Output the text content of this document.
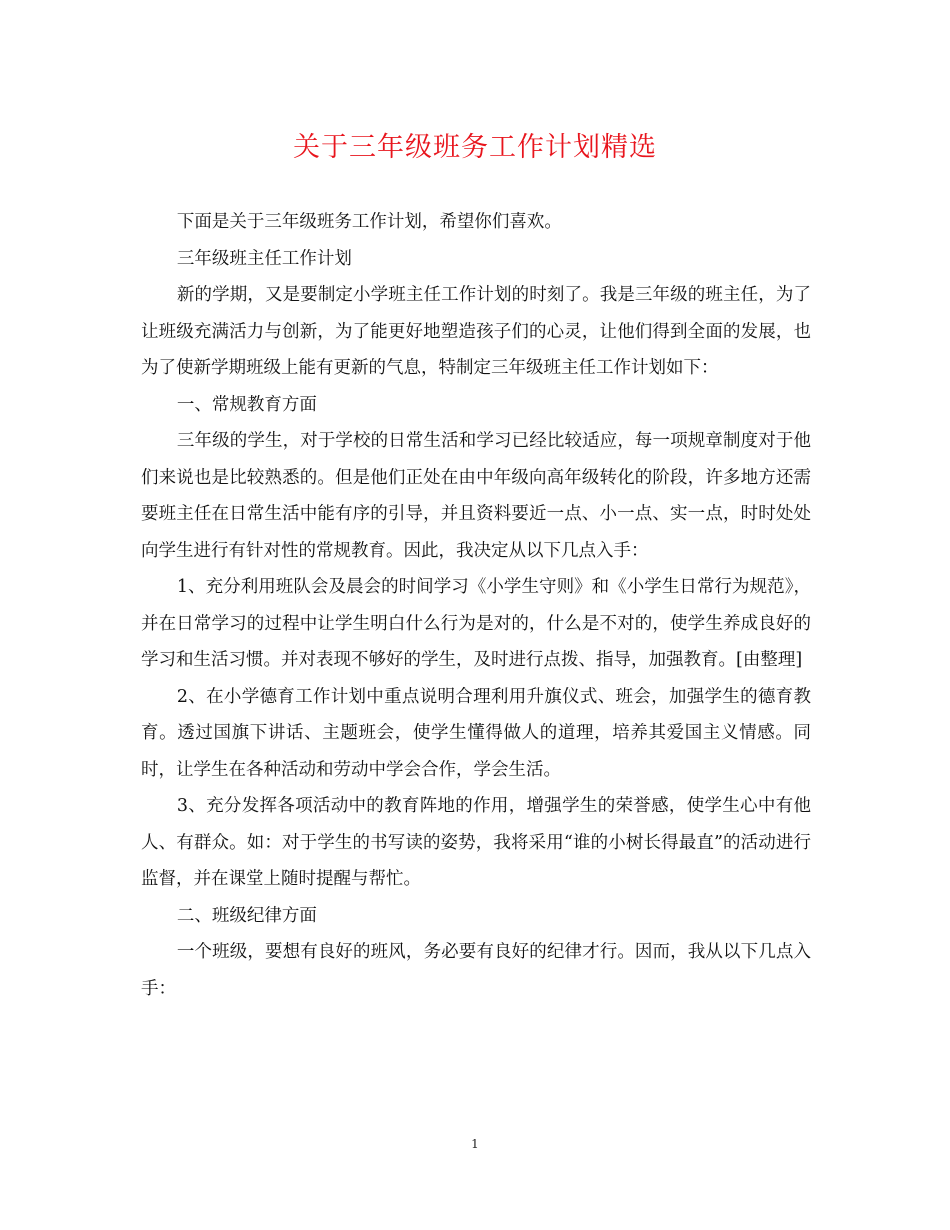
关于三年级班务工作计划精选

下面是关于三年级班务工作计划，希望你们喜欢。

三年级班主任工作计划

新的学期，又是要制定小学班主任工作计划的时刻了。我是三年级的班主任，为了让班级充满活力与创新，为了能更好地塑造孩子们的心灵，让他们得到全面的发展，也为了使新学期班级上能有更新的气息，特制定三年级班主任工作计划如下：

一、常规教育方面

三年级的学生，对于学校的日常生活和学习已经比较适应，每一项规章制度对于他们来说也是比较熟悉的。但是他们正处在由中年级向高年级转化的阶段，许多地方还需要班主任在日常生活中能有序的引导，并且资料要近一点、小一点、实一点，时时处处向学生进行有针对性的常规教育。因此，我决定从以下几点入手：

1、充分利用班队会及晨会的时间学习《小学生守则》和《小学生日常行为规范》，并在日常学习的过程中让学生明白什么行为是对的，什么是不对的，使学生养成良好的学习和生活习惯。并对表现不够好的学生，及时进行点拨、指导，加强教育。[由整理]

2、在小学德育工作计划中重点说明合理利用升旗仪式、班会，加强学生的德育教育。透过国旗下讲话、主题班会，使学生懂得做人的道理，培养其爱国主义情感。同时，让学生在各种活动和劳动中学会合作，学会生活。

3、充分发挥各项活动中的教育阵地的作用，增强学生的荣誉感，使学生心中有他人、有群众。如：对于学生的书写读的姿势，我将采用“谁的小树长得最直”的活动进行监督，并在课堂上随时提醒与帮忙。

二、班级纪律方面

一个班级，要想有良好的班风，务必要有良好的纪律才行。因而，我从以下几点入手：

1
